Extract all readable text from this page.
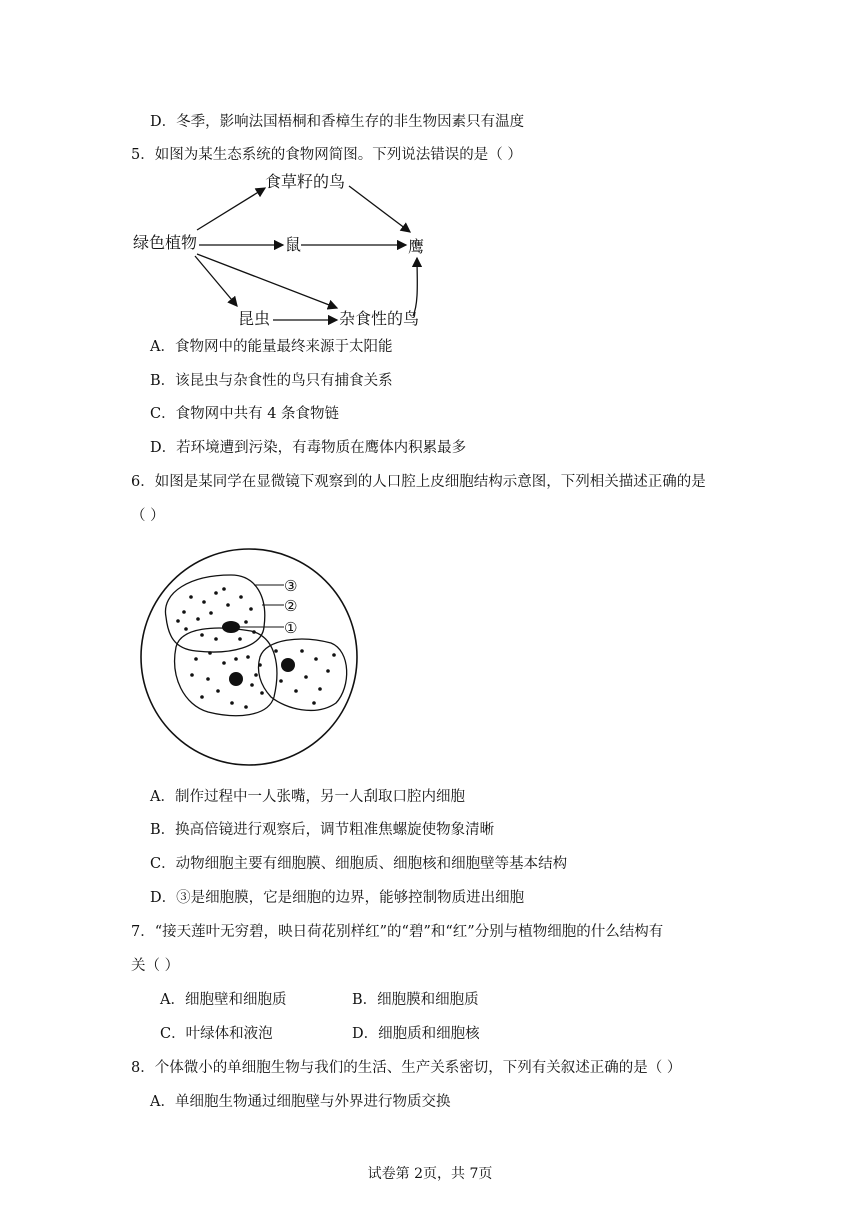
D．冬季，影响法国梧桐和香樟生存的非生物因素只有温度
5．如图为某生态系统的食物网简图。下列说法错误的是（ ）
绿色植物
食草籽的鸟
鼠	鹰
昆虫	杂食性的鸟
A．食物网中的能量最终来源于太阳能
B．该昆虫与杂食性的鸟只有捕食关系
C．食物网中共有 4 条食物链
D．若环境遭到污染，有毒物质在鹰体内积累最多
6．如图是某同学在显微镜下观察到的人口腔上皮细胞结构示意图，下列相关描述正确的是
（ ）
③
②
①
A．制作过程中一人张嘴，另一人刮取口腔内细胞
B．换高倍镜进行观察后，调节粗准焦螺旋使物象清晰
C．动物细胞主要有细胞膜、细胞质、细胞核和细胞壁等基本结构
D．③是细胞膜，它是细胞的边界，能够控制物质进出细胞
7．“接天莲叶无穷碧，映日荷花别样红”的“碧”和“红”分别与植物细胞的什么结构有
关（ ）
A．细胞壁和细胞质	B．细胞膜和细胞质
C．叶绿体和液泡	D．细胞质和细胞核
8．个体微小的单细胞生物与我们的生活、生产关系密切，下列有关叙述正确的是（ ）
A．单细胞生物通过细胞壁与外界进行物质交换
试卷第 2页，共 7页
